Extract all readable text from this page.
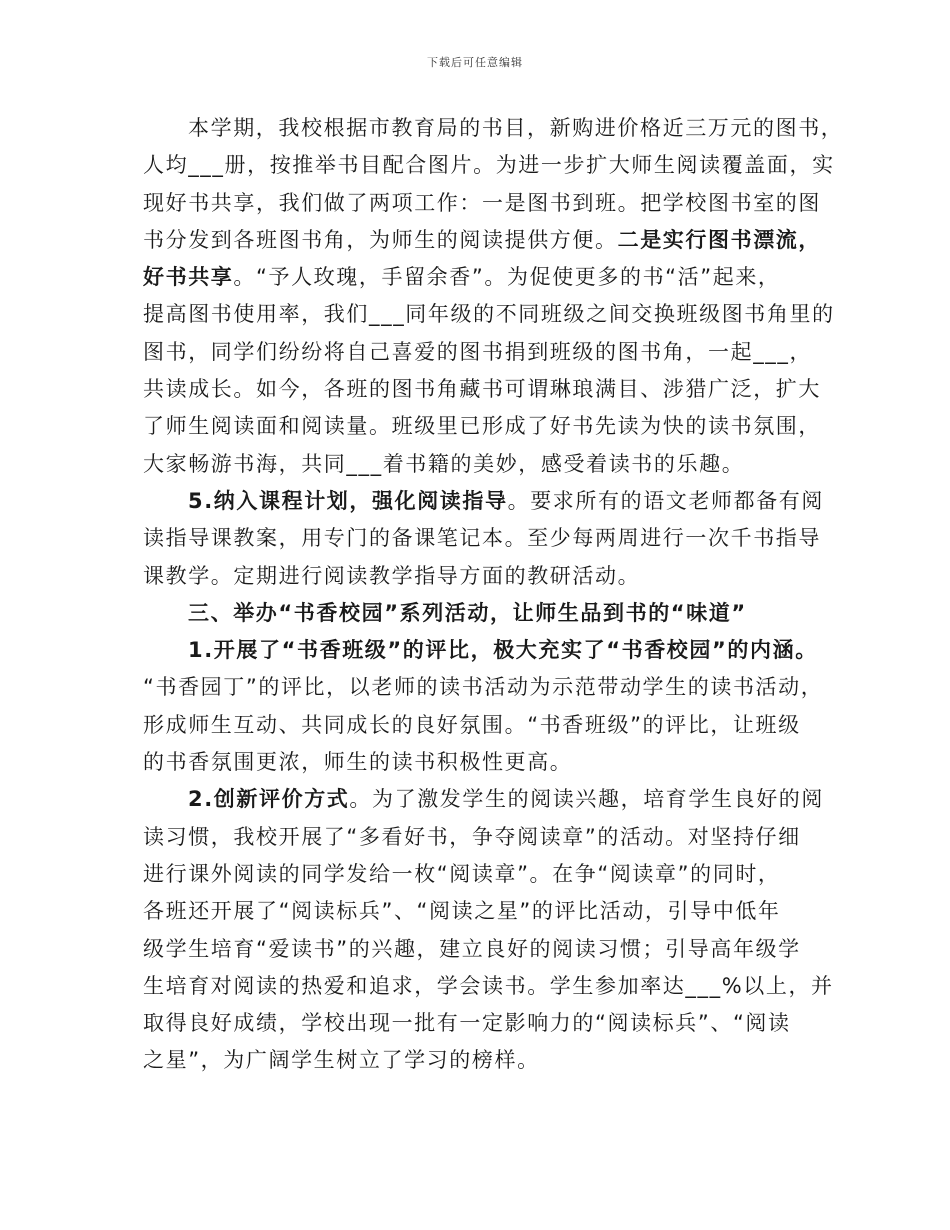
下载后可任意编辑
本学期，我校根据市教育局的书目，新购进价格近三万元的图书，
人均___册，按推举书目配合图片。为进一步扩大师生阅读覆盖面，实
现好书共享，我们做了两项工作：一是图书到班。把学校图书室的图
书分发到各班图书角，为师生的阅读提供方便。二是实行图书漂流，
好书共享。“予人玫瑰，手留余香”。为促使更多的书“活”起来，
提高图书使用率，我们___同年级的不同班级之间交换班级图书角里的
图书，同学们纷纷将自己喜爱的图书捐到班级的图书角，一起___，
共读成长。如今，各班的图书角藏书可谓琳琅满目、涉猎广泛，扩大
了师生阅读面和阅读量。班级里已形成了好书先读为快的读书氛围，
大家畅游书海，共同___着书籍的美妙，感受着读书的乐趣。
5.纳入课程计划，强化阅读指导。要求所有的语文老师都备有阅
读指导课教案，用专门的备课笔记本。至少每两周进行一次千书指导
课教学。定期进行阅读教学指导方面的教研活动。
三、举办“书香校园”系列活动，让师生品到书的“味道”
1.开展了“书香班级”的评比，极大充实了“书香校园”的内涵。
“书香园丁”的评比，以老师的读书活动为示范带动学生的读书活动，
形成师生互动、共同成长的良好氛围。“书香班级”的评比，让班级
的书香氛围更浓，师生的读书积极性更高。
2.创新评价方式。为了激发学生的阅读兴趣，培育学生良好的阅
读习惯，我校开展了“多看好书，争夺阅读章”的活动。对坚持仔细
进行课外阅读的同学发给一枚“阅读章”。在争“阅读章”的同时，
各班还开展了“阅读标兵”、“阅读之星”的评比活动，引导中低年
级学生培育“爱读书”的兴趣，建立良好的阅读习惯；引导高年级学
生培育对阅读的热爱和追求，学会读书。学生参加率达___%以上，并
取得良好成绩，学校出现一批有一定影响力的“阅读标兵”、“阅读
之星”，为广阔学生树立了学习的榜样。
